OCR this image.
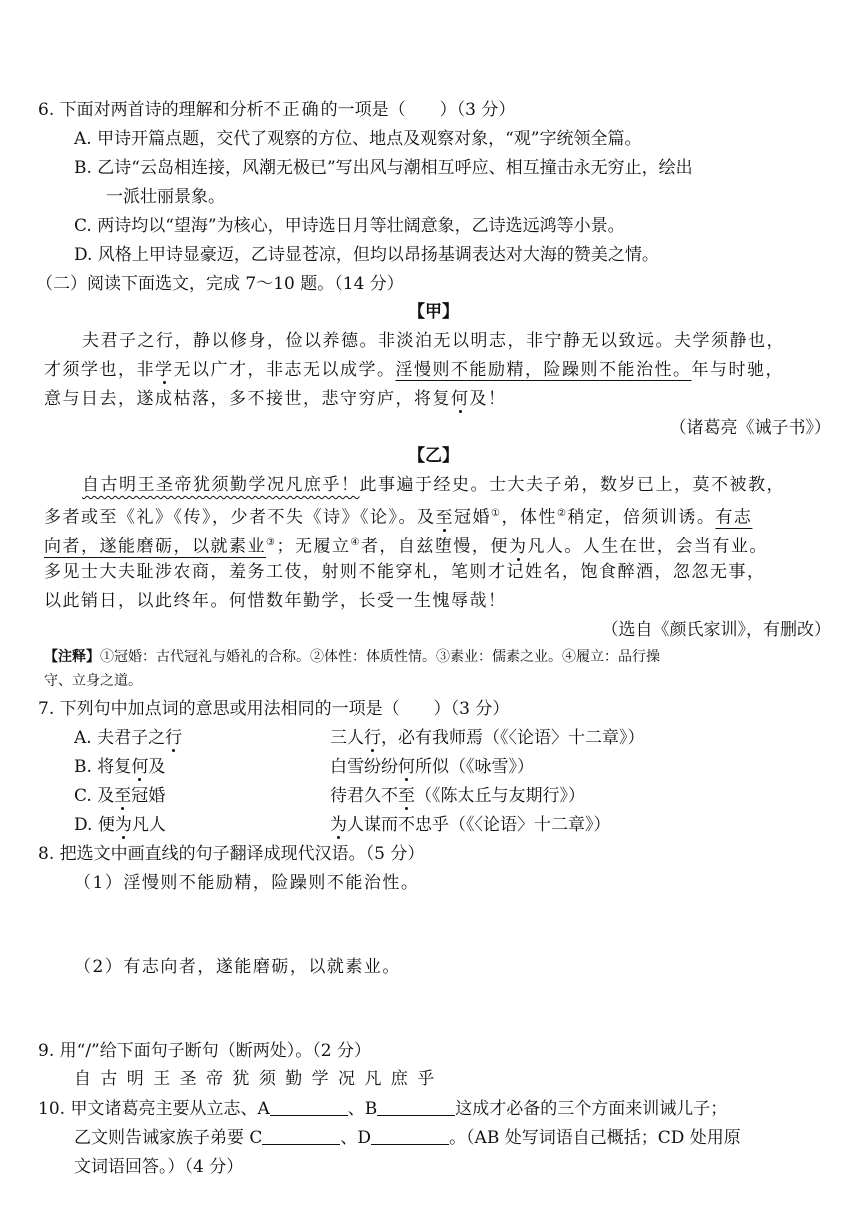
6. 下面对两首诗的理解和分析不正确的一项是（　　）（3 分）
A. 甲诗开篇点题，交代了观察的方位、地点及观察对象，“观”字统领全篇。
B. 乙诗“云岛相连接，风潮无极已”写出风与潮相互呼应、相互撞击永无穷止，绘出
一派壮丽景象。
C. 两诗均以“望海”为核心，甲诗选日月等壮阔意象，乙诗选远鸿等小景。
D. 风格上甲诗显豪迈，乙诗显苍凉，但均以昂扬基调表达对大海的赞美之情。
（二）阅读下面选文，完成 7～10 题。（14 分）
【甲】
夫君子之行，静以修身，俭以养德。非淡泊无以明志，非宁静无以致远。夫学须静也，
才须学也，非学无以广才，非志无以成学。淫慢则不能励精，险躁则不能治性。年与时驰，
意与日去，遂成枯落，多不接世，悲守穷庐，将复何及！
（诸葛亮《诫子书》）
【乙】
自古明王圣帝犹须勤学况凡庶乎！此事遍于经史。士大夫子弟，数岁已上，莫不被教，
多者或至《礼》《传》，少者不失《诗》《论》。及至冠婚①，体性②稍定，倍须训诱。有志
向者，遂能磨砺，以就素业③；无履立④者，自兹堕慢，便为凡人。人生在世，会当有业。
多见士大夫耻涉农商，羞务工伎，射则不能穿札，笔则才记姓名，饱食醉酒，忽忽无事，
以此销日，以此终年。何惜数年勤学，长受一生愧辱哉！
（选自《颜氏家训》，有删改）
【注释】①冠婚：古代冠礼与婚礼的合称。②体性：体质性情。③素业：儒素之业。④履立：品行操
守、立身之道。
7. 下列句中加点词的意思或用法相同的一项是（　　）（3 分）
A. 夫君子之行	三人行，必有我师焉（《〈论语〉十二章》）
B. 将复何及	白雪纷纷何所似（《咏雪》）
C. 及至冠婚	待君久不至（《陈太丘与友期行》）
D. 便为凡人	为人谋而不忠乎（《〈论语〉十二章》）
8. 把选文中画直线的句子翻译成现代汉语。（5 分）
（1）淫慢则不能励精，险躁则不能治性。
（2）有志向者，遂能磨砺，以就素业。
9. 用“/”给下面句子断句（断两处）。（2 分）
自 古 明 王 圣 帝 犹 须 勤 学 况 凡 庶 乎
10. 甲文诸葛亮主要从立志、A	、B	这成才必备的三个方面来训诫儿子；
乙文则告诫家族子弟要 C	、D	。（AB 处写词语自己概括；CD 处用原
文词语回答。）（4 分）
